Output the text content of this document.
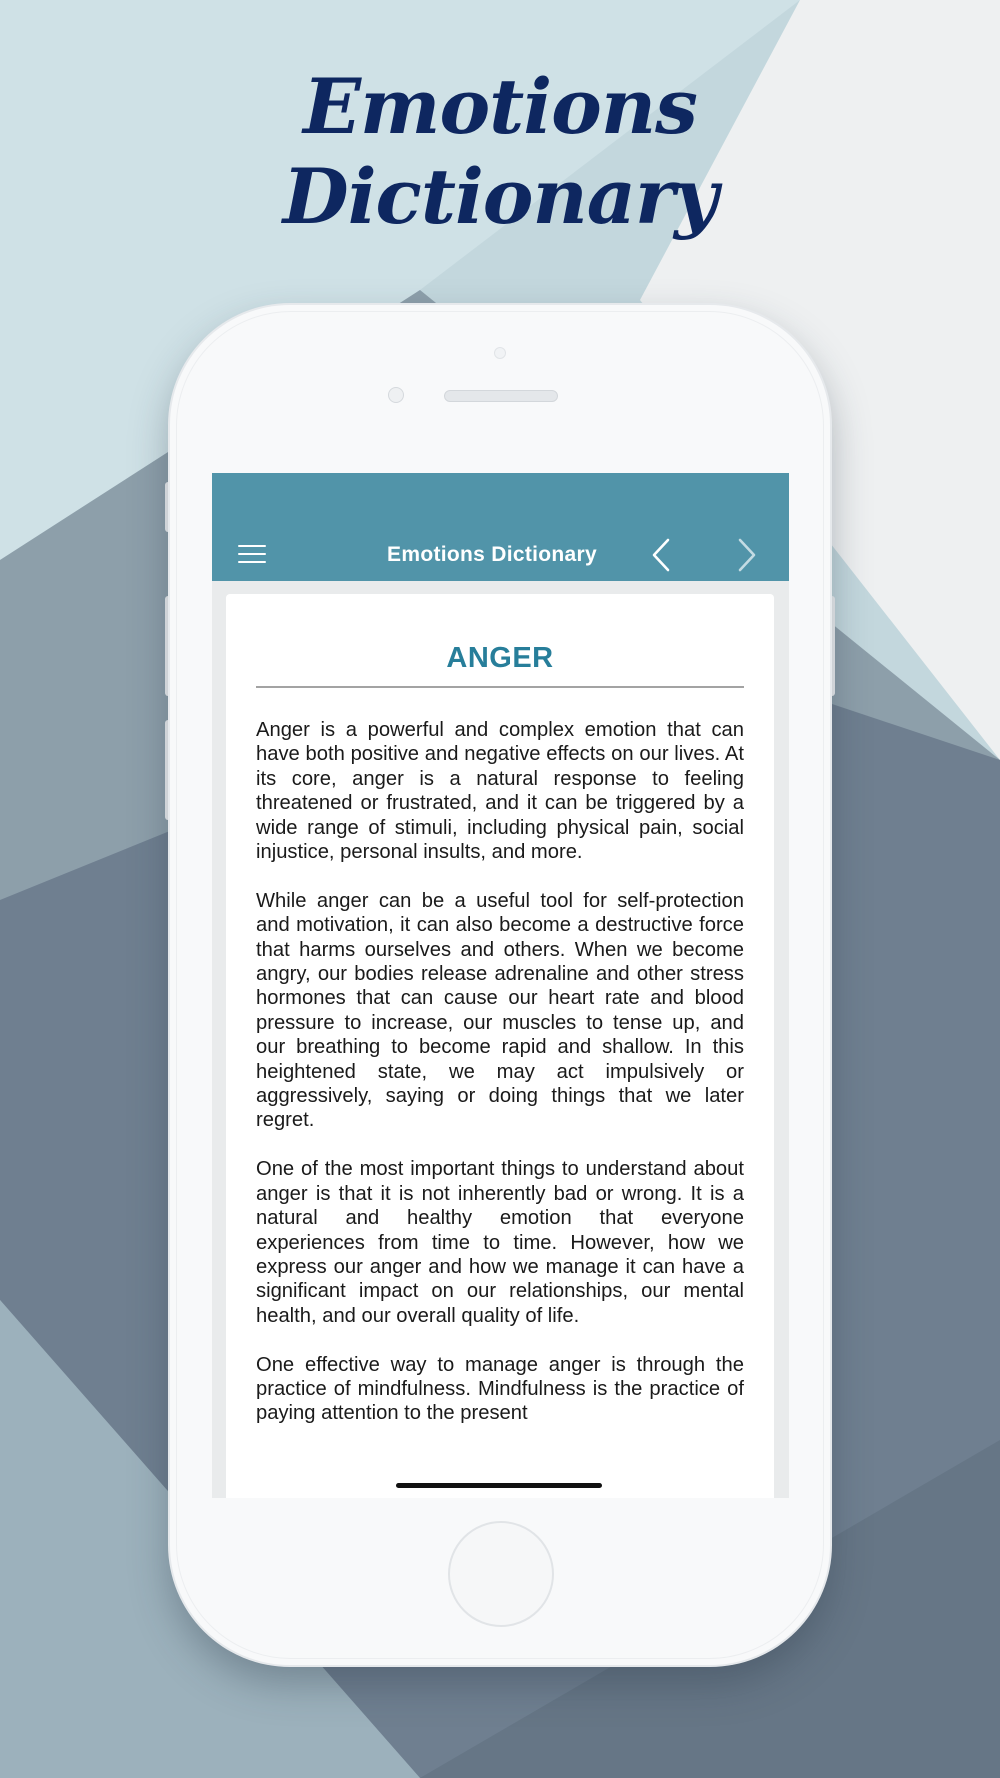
Emotions
Dictionary
Emotions Dictionary
ANGER

Anger is a powerful and complex emotion that can have both positive and negative effects on our lives. At its core, anger is a natural response to feeling threatened or frustrated, and it can be triggered by a wide range of stimuli, including physical pain, social injustice, personal insults, and more.

While anger can be a useful tool for self-protection and motivation, it can also become a destructive force that harms ourselves and others. When we become angry, our bodies release adrenaline and other stress hormones that can cause our heart rate and blood pressure to increase, our muscles to tense up, and our breathing to become rapid and shallow. In this heightened state, we may act impulsively or aggressively, saying or doing things that we later regret.

One of the most important things to understand about anger is that it is not inherently bad or wrong. It is a natural and healthy emotion that everyone experiences from time to time. However, how we express our anger and how we manage it can have a significant impact on our relationships, our mental health, and our overall quality of life.

One effective way to manage anger is through the practice of mindfulness. Mindfulness is the practice of paying attention to the present
